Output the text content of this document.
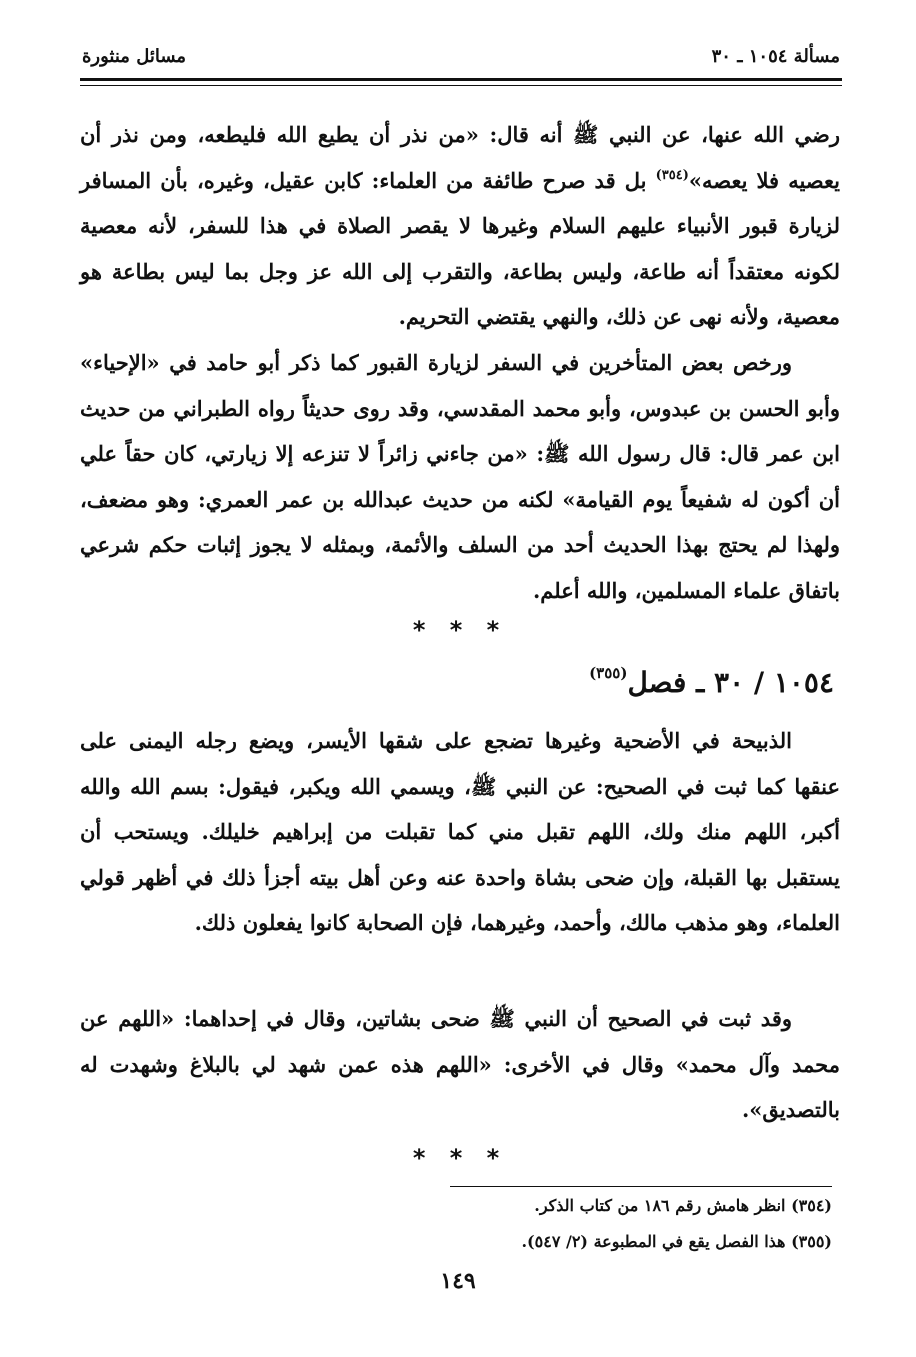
مسألة ١٠٥٤ ـ ٣٠
مسائل منثورة
رضي الله عنها، عن النبي ﷺ أنه قال: «من نذر أن يطيع الله فليطعه، ومن نذر أن يعصيه فلا يعصه»$^{(٣٥٤)}$ بل قد صرح طائفة من العلماء: كابن عقيل، وغيره، بأن المسافر لزيارة قبور الأنبياء عليهم السلام وغيرها لا يقصر الصلاة في هذا للسفر، لأنه معصية لكونه معتقداً أنه طاعة، وليس بطاعة، والتقرب إلى الله عز وجل بما ليس بطاعة هو معصية، ولأنه نهى عن ذلك، والنهي يقتضي التحريم.
ورخص بعض المتأخرين في السفر لزيارة القبور كما ذكر أبو حامد في «الإحياء» وأبو الحسن بن عبدوس، وأبو محمد المقدسي، وقد روى حديثاً رواه الطبراني من حديث ابن عمر قال: قال رسول الله ﷺ: «من جاءني زائراً لا تنزعه إلا زيارتي، كان حقاً علي أن أكون له شفيعاً يوم القيامة» لكنه من حديث عبدالله بن عمر العمري: وهو مضعف، ولهذا لم يحتج بهذا الحديث أحد من السلف والأئمة، وبمثله لا يجوز إثبات حكم شرعي باتفاق علماء المسلمين، والله أعلم.
* * *
١٠٥٤ / ٣٠ ـ فصل$^{(٣٥٥)}$
الذبيحة في الأضحية وغيرها تضجع على شقها الأيسر، ويضع رجله اليمنى على عنقها كما ثبت في الصحيح: عن النبي ﷺ، ويسمي الله ويكبر، فيقول: بسم الله والله أكبر، اللهم منك ولك، اللهم تقبل مني كما تقبلت من إبراهيم خليلك. ويستحب أن يستقبل بها القبلة، وإن ضحى بشاة واحدة عنه وعن أهل بيته أجزأ ذلك في أظهر قولي العلماء، وهو مذهب مالك، وأحمد، وغيرهما، فإن الصحابة كانوا يفعلون ذلك.
وقد ثبت في الصحيح أن النبي ﷺ ضحى بشاتين، وقال في إحداهما: «اللهم عن محمد وآل محمد» وقال في الأخرى: «اللهم هذه عمن شهد لي بالبلاغ وشهدت له بالتصديق».
* * *
(٣٥٤) انظر هامش رقم ١٨٦ من كتاب الذكر.
(٣٥٥) هذا الفصل يقع في المطبوعة (٢/ ٥٤٧).
١٤٩
